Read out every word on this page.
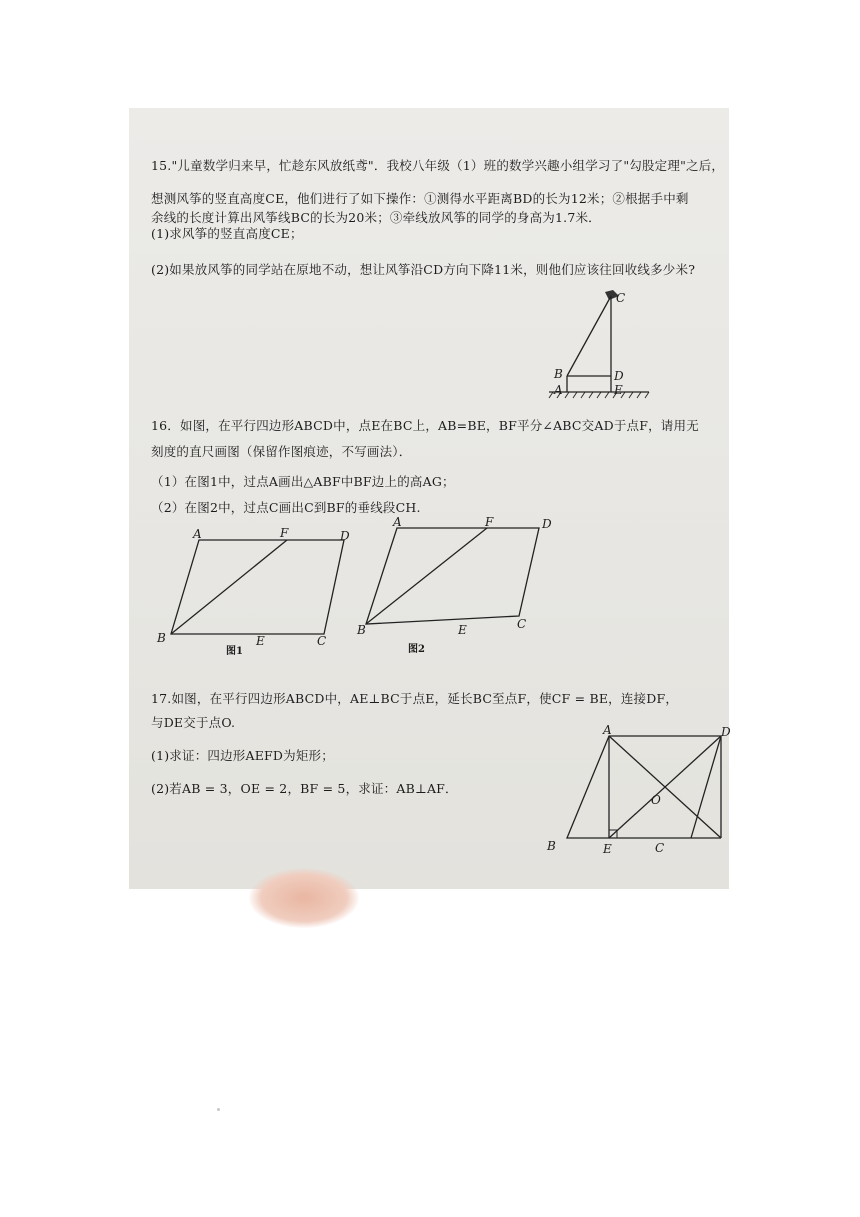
15."儿童数学归来早，忙趁东风放纸鸢"．我校八年级（1）班的数学兴趣小组学习了"勾股定理"之后，
想测风筝的竖直高度CE，他们进行了如下操作：①测得水平距离BD的长为12米；②根据手中剩
余线的长度计算出风筝线BC的长为20米；③牵线放风筝的同学的身高为1.7米．
(1)求风筝的竖直高度CE；
(2)如果放风筝的同学站在原地不动，想让风筝沿CD方向下降11米，则他们应该往回收线多少米?
C
B	D
A	E
16．如图，在平行四边形ABCD中，点E在BC上，AB=BE，BF平分∠ABC交AD于点F，请用无
刻度的直尺画图（保留作图痕迹，不写画法）．
（1）在图1中，过点A画出△ABF中BF边上的高AG；
（2）在图2中，过点C画出C到BF的垂线段CH.
A	F	D
B	E	C
图1
A	F	D
B	E	C
图2
17.如图，在平行四边形ABCD中，AE⊥BC于点E，延长BC至点F，使CF = BE，连接DF，
与DE交于点O.
(1)求证：四边形AEFD为矩形；
(2)若AB = 3，OE = 2，BF = 5，求证：AB⊥AF．
A	D
O
B	E	C
